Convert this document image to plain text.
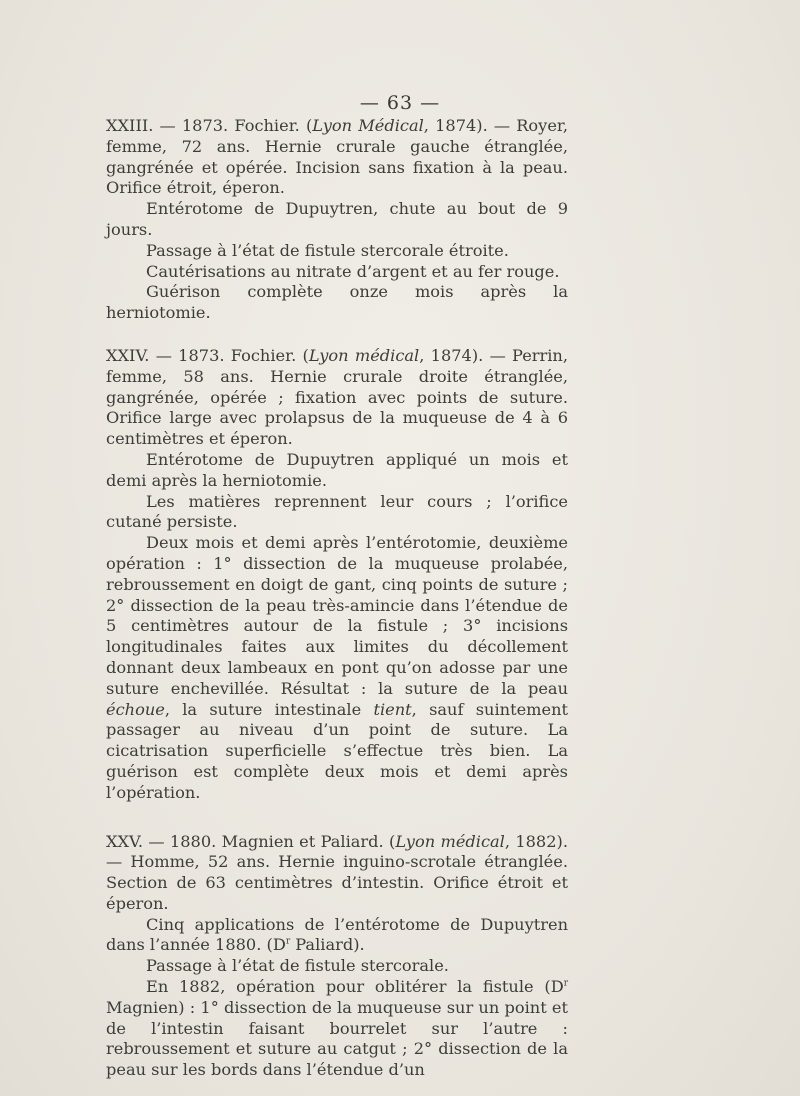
— 63 —

XXIII. — 1873. Fochier. (Lyon Médical, 1874). — Royer, femme, 72 ans. Hernie crurale gauche étranglée, gangrénée et opérée. Incision sans fixation à la peau. Orifice étroit, éperon.

Entérotome de Dupuytren, chute au bout de 9 jours.

Passage à l’état de fistule stercorale étroite.

Cautérisations au nitrate d’argent et au fer rouge.

Guérison complète onze mois après la herniotomie.

XXIV. — 1873. Fochier. (Lyon médical, 1874). — Perrin, femme, 58 ans. Hernie crurale droite étranglée, gangrénée, opérée ; fixation avec points de suture. Orifice large avec prolapsus de la muqueuse de 4 à 6 centimètres et éperon.

Entérotome de Dupuytren appliqué un mois et demi après la herniotomie.

Les matières reprennent leur cours ; l’orifice cutané persiste.

Deux mois et demi après l’entérotomie, deuxième opération : 1° dissection de la muqueuse prolabée, rebroussement en doigt de gant, cinq points de suture ; 2° dissection de la peau très-amincie dans l’étendue de 5 centimètres autour de la fistule ; 3° incisions longitudinales faites aux limites du décollement donnant deux lambeaux en pont qu’on adosse par une suture enchevillée. Résultat : la suture de la peau échoue, la suture intestinale tient, sauf suintement passager au niveau d’un point de suture. La cicatrisation superficielle s’effectue très bien. La guérison est complète deux mois et demi après l’opération.

XXV. — 1880. Magnien et Paliard. (Lyon médical, 1882). — Homme, 52 ans. Hernie inguino-scrotale étranglée. Section de 63 centimètres d’intestin. Orifice étroit et éperon.

Cinq applications de l’entérotome de Dupuytren dans l’année 1880. ($D^r$ Paliard).

Passage à l’état de fistule stercorale.

En 1882, opération pour oblitérer la fistule ($D^r$ Magnien) : 1° dissection de la muqueuse sur un point et de l’intestin faisant bourrelet sur l’autre : rebroussement et suture au catgut ; 2° dissection de la peau sur les bords dans l’étendue d’un
